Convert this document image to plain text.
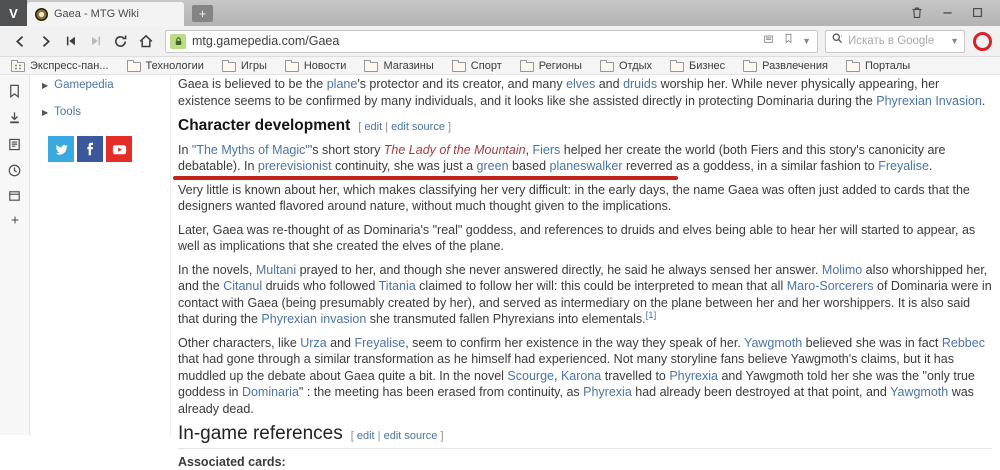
V	Gaea - MTG Wiki	+
mtg.gamepedia.com/Gaea
▼
Искать в Google	▼
Экспресс-пан...	Технологии	Игры	Новости	Магазины	Спорт	Регионы	Отдых	Бизнес	Развлечения	Порталы
▶ Gamepedia
▶ Tools

Gaea is believed to be the plane's protector and its creator, and many elves and druids worship her. While never physically appearing, her existence seems to be confirmed by many individuals, and it looks like she assisted directly in protecting Dominaria during the Phyrexian Invasion.

Character development [ edit | edit source ]

In "The Myths of Magic"'s short story The Lady of the Mountain, Fiers helped her create the world (both Fiers and this story's canonicity are debatable). In prerevisionist continuity, she was just a green based planeswalker reverred as a goddess, in a similar fashion to Freyalise.

Very little is known about her, which makes classifying her very difficult: in the early days, the name Gaea was often just added to cards that the designers wanted flavored around nature, without much thought given to the implications.

Later, Gaea was re-thought of as Dominaria's "real" goddess, and references to druids and elves being able to hear her will started to appear, as well as implications that she created the elves of the plane.

In the novels, Multani prayed to her, and though she never answered directly, he said he always sensed her answer. Molimo also whorshipped her, and the Citanul druids who followed Titania claimed to follow her will: this could be interpreted to mean that all Maro-Sorcerers of Dominaria were in contact with Gaea (being presumably created by her), and served as intermediary on the plane between her and her worshippers. It is also said that during the Phyrexian invasion she transmuted fallen Phyrexians into elementals.[1]

Other characters, like Urza and Freyalise, seem to confirm her existence in the way they speak of her. Yawgmoth believed she was in fact Rebbec that had gone through a similar transformation as he himself had experienced. Not many storyline fans believe Yawgmoth's claims, but it has muddled up the debate about Gaea quite a bit. In the novel Scourge, Karona travelled to Phyrexia and Yawgmoth told her she was the "only true goddess in Dominaria" : the meeting has been erased from continuity, as Phyrexia had already been destroyed at that point, and Yawgmoth was already dead.

In-game references [ edit | edit source ]

Associated cards:
